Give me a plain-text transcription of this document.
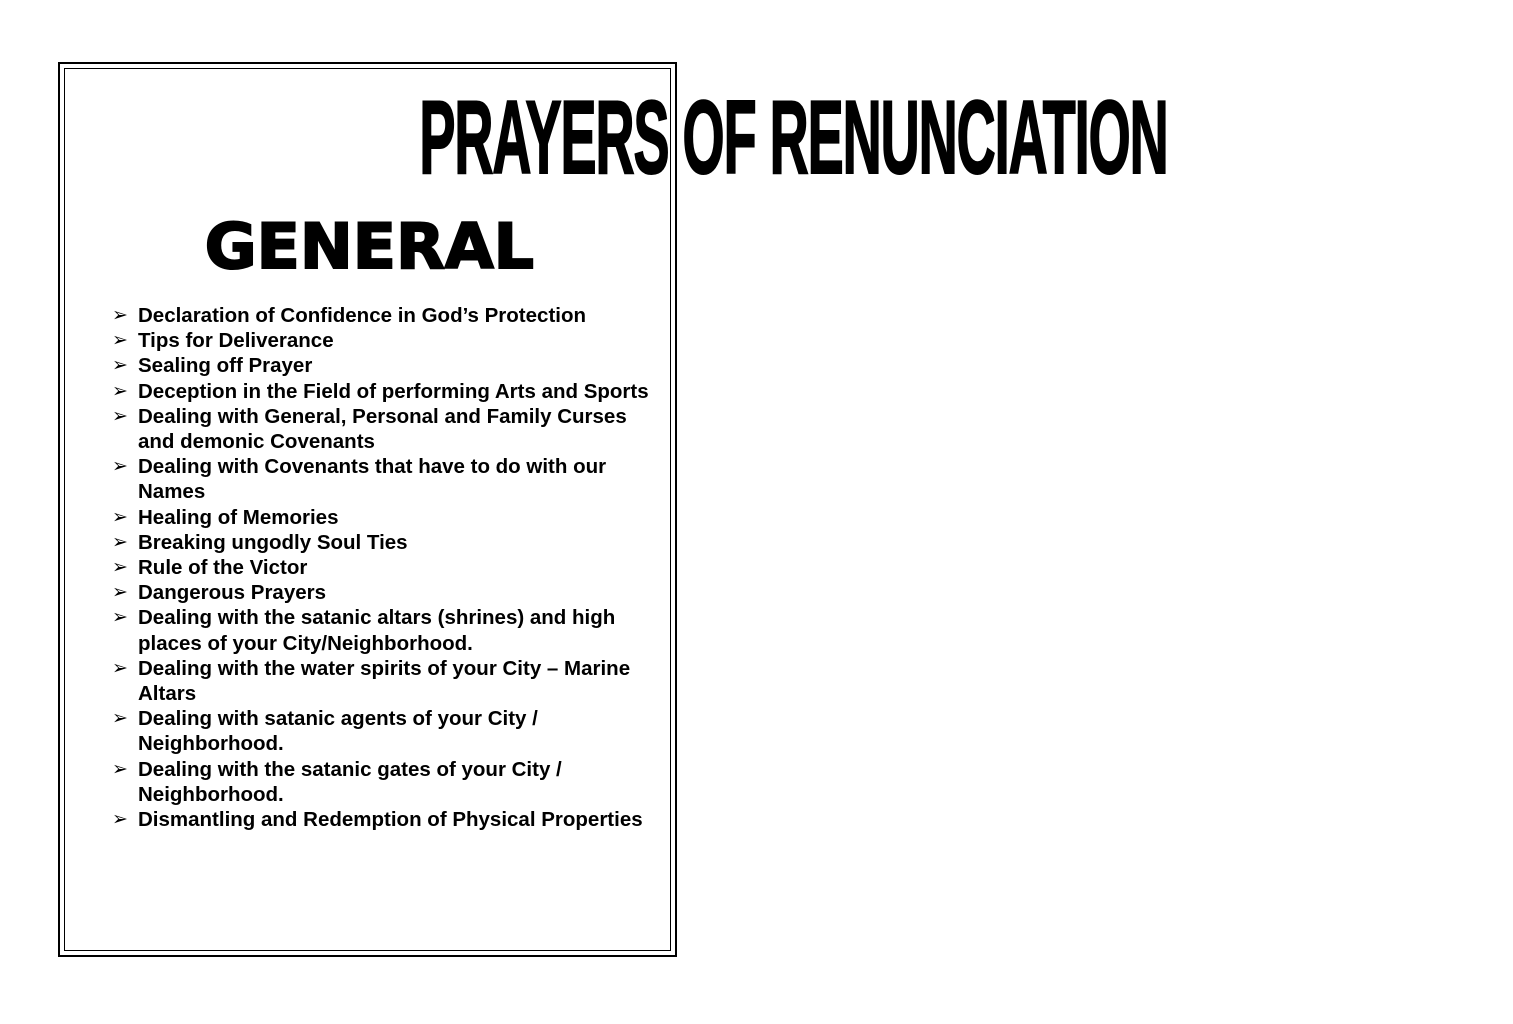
PRAYERS OF RENUNCIATION
GENERAL
➢ Declaration of Confidence in God’s Protection
➢ Tips for Deliverance
➢ Sealing off Prayer
➢ Deception in the Field of performing Arts and Sports
➢ Dealing with General, Personal and Family Curses and demonic Covenants
➢ Dealing with Covenants that have to do with our Names
➢ Healing of Memories
➢ Breaking ungodly Soul Ties
➢ Rule of the Victor
➢ Dangerous Prayers
➢ Dealing with the satanic altars (shrines) and high places of your City/Neighborhood.
➢ Dealing with the water spirits of your City – Marine Altars
➢ Dealing with satanic agents of your City / Neighborhood.
➢ Dealing with the satanic gates of your City / Neighborhood.
➢ Dismantling and Redemption of Physical Properties
